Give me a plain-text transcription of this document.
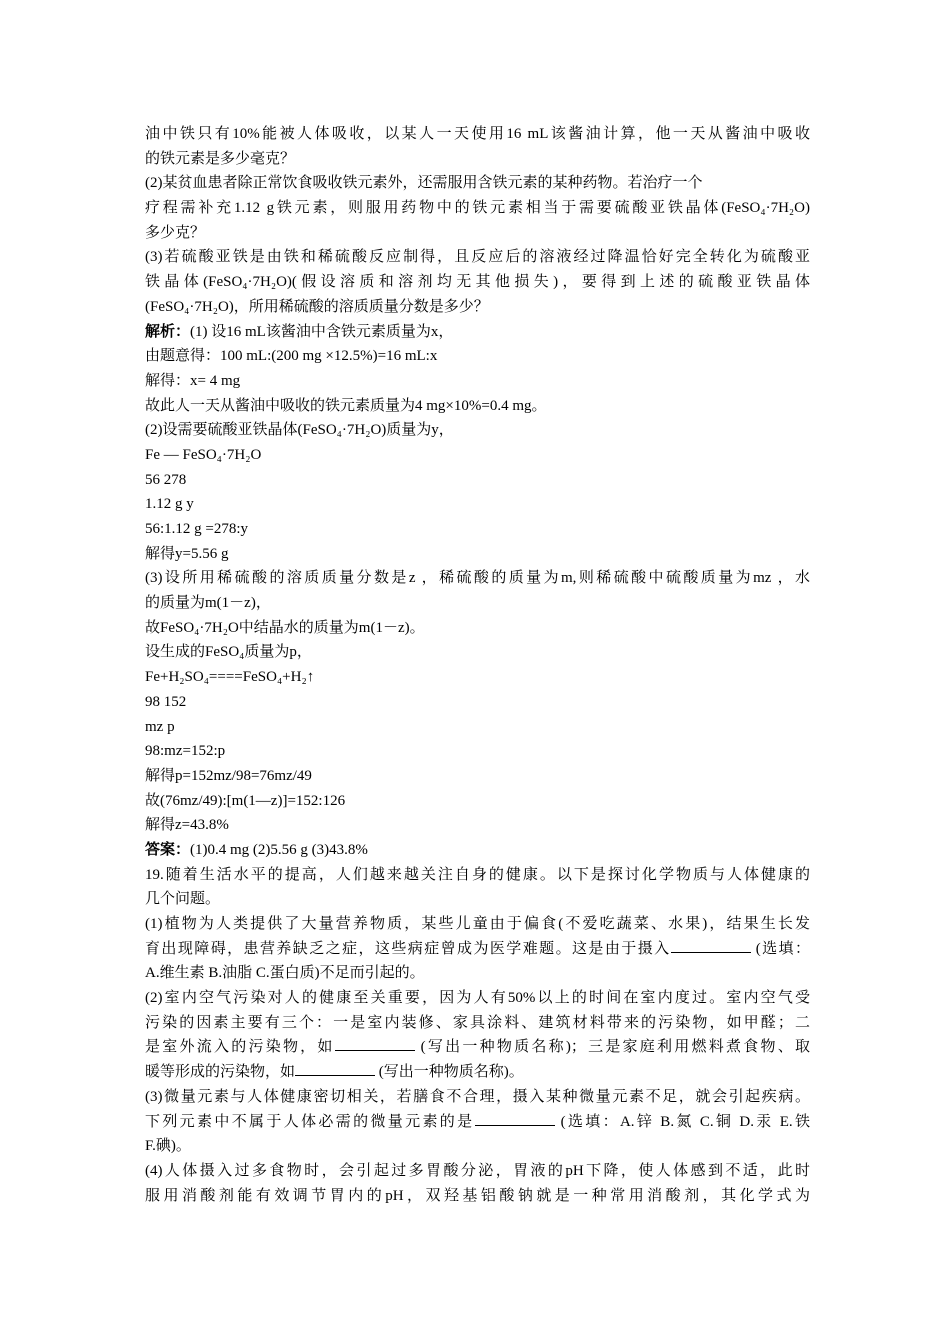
油中铁只有10%能被人体吸收，以某人一天使用16 mL该酱油计算，他一天从酱油中吸收
的铁元素是多少毫克？
(2)某贫血患者除正常饮食吸收铁元素外，还需服用含铁元素的某种药物。若治疗一个
疗程需补充1.12 g铁元素，则服用药物中的铁元素相当于需要硫酸亚铁晶体(FeSO₄·7H₂O)
多少克？
(3)若硫酸亚铁是由铁和稀硫酸反应制得，且反应后的溶液经过降温恰好完全转化为硫酸亚
铁晶体(FeSO₄·7H₂O)(假设溶质和溶剂均无其他损失)，要得到上述的硫酸亚铁晶体
(FeSO₄·7H₂O)，所用稀硫酸的溶质质量分数是多少？
解析：(1) 设16 mL该酱油中含铁元素质量为x，
由题意得：100 mL:(200 mg ×12.5%)=16 mL:x
解得：x= 4 mg
故此人一天从酱油中吸收的铁元素质量为4 mg×10%=0.4 mg。
(2)设需要硫酸亚铁晶体(FeSO₄·7H₂O)质量为y，
Fe — FeSO₄·7H₂O
56 278
1.12 g y
56:1.12 g =278:y
解得y=5.56 g
(3)设所用稀硫酸的溶质质量分数是z ，稀硫酸的质量为m,则稀硫酸中硫酸质量为mz ，水
的质量为m(1－z)，
故FeSO₄·7H₂O中结晶水的质量为m(1－z)。
设生成的FeSO₄质量为p，
Fe+H₂SO₄====FeSO₄+H₂↑
98 152
mz p
98:mz=152:p
解得p=152mz/98=76mz/49
故(76mz/49):[m(1—z)]=152:126
解得z=43.8%
答案：(1)0.4 mg (2)5.56 g (3)43.8%
19.随着生活水平的提高，人们越来越关注自身的健康。以下是探讨化学物质与人体健康的
几个问题。
(1)植物为人类提供了大量营养物质，某些儿童由于偏食(不爱吃蔬菜、水果)，结果生长发
育出现障碍，患营养缺乏之症，这些病症曾成为医学难题。这是由于摄入	(选填：
A.维生素 B.油脂 C.蛋白质)不足而引起的。
(2)室内空气污染对人的健康至关重要，因为人有50%以上的时间在室内度过。室内空气受
污染的因素主要有三个：一是室内装修、家具涂料、建筑材料带来的污染物，如甲醛；二
是室外流入的污染物，如	(写出一种物质名称)；三是家庭利用燃料煮食物、取
暖等形成的污染物，如	(写出一种物质名称)。
(3)微量元素与人体健康密切相关，若膳食不合理，摄入某种微量元素不足，就会引起疾病。
下列元素中不属于人体必需的微量元素的是	(选填：A.锌 B.氮 C.铜 D.汞 E.铁
F.碘)。
(4)人体摄入过多食物时，会引起过多胃酸分泌，胃液的pH下降，使人体感到不适，此时
服用消酸剂能有效调节胃内的pH，双羟基铝酸钠就是一种常用消酸剂，其化学式为
